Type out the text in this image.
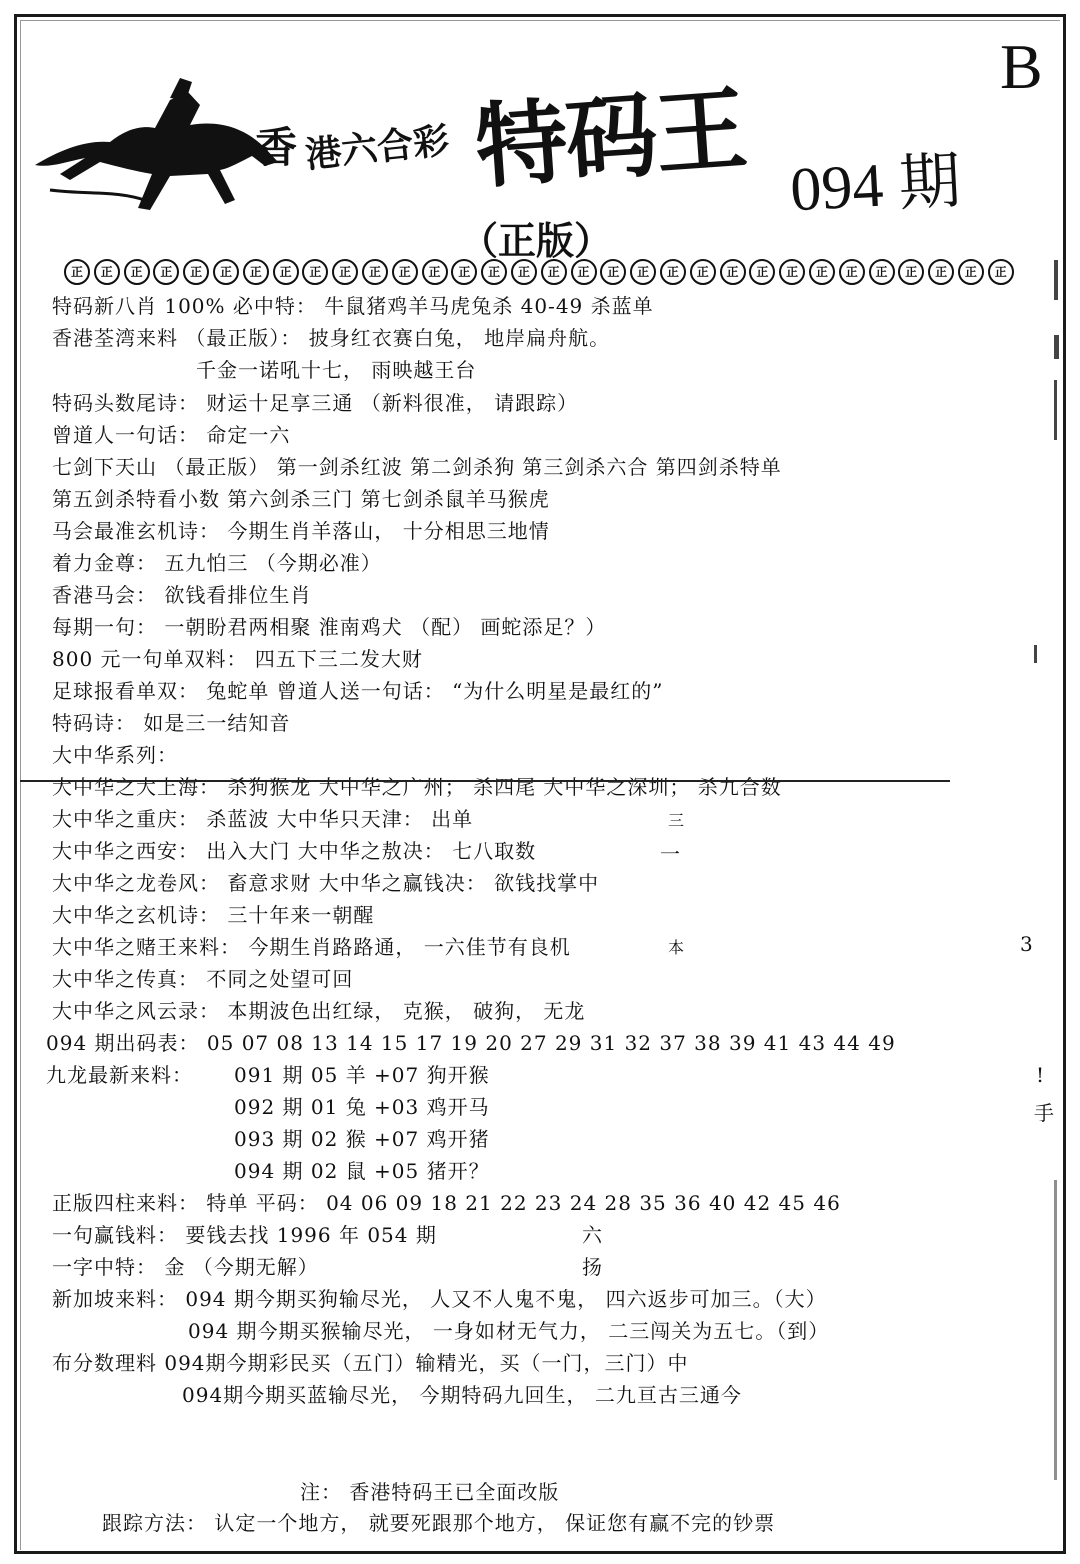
B
香 港六合彩 特码王 094 期
（正版）
正	正	正	正	正	正	正	正	正	正	正	正	正	正	正	正	正	正	正	正	正	正	正	正	正	正	正	正	正	正	正	正
特码新八肖 100% 必中特： 牛鼠猪鸡羊马虎兔杀 40-49 杀蓝单
香港荃湾来料 （最正版）： 披身红衣赛白兔， 地岸扁舟航。
千金一诺吼十七， 雨映越王台
特码头数尾诗： 财运十足享三通 （新料很准， 请跟踪）
曾道人一句话： 命定一六
七剑下天山 （最正版） 第一剑杀红波 第二剑杀狗 第三剑杀六合 第四剑杀特单
第五剑杀特看小数 第六剑杀三门 第七剑杀鼠羊马猴虎
马会最准玄机诗： 今期生肖羊落山， 十分相思三地情
着力金尊： 五九怕三 （今期必准）
香港马会： 欲钱看排位生肖
每期一句： 一朝盼君两相聚 淮南鸡犬 （配） 画蛇添足？）
800 元一句单双料： 四五下三二发大财
足球报看单双： 兔蛇单 曾道人送一句话： “为什么明星是最红的”
特码诗： 如是三一结知音
大中华系列：
大中华之大上海： 杀狗猴龙 大中华之广州； 杀四尾 大中华之深圳； 杀九合数
大中华之重庆： 杀蓝波 大中华只天津： 出单
大中华之西安： 出入大门 大中华之敖决： 七八取数
大中华之龙卷风： 畜意求财 大中华之赢钱决： 欲钱找掌中
大中华之玄机诗： 三十年来一朝醒
大中华之赌王来料： 今期生肖路路通， 一六佳节有良机
大中华之传真： 不同之处望可回
大中华之风云录： 本期波色出红绿， 克猴， 破狗， 无龙
094 期出码表： 05 07 08 13 14 15 17 19 20 27 29 31 32 37 38 39 41 43 44 49
九龙最新来料： 091 期 05 羊 +07 狗开猴
092 期 01 兔 +03 鸡开马
093 期 02 猴 +07 鸡开猪
094 期 02 鼠 +05 猪开？
正版四柱来料： 特单 平码： 04 06 09 18 21 22 23 24 28 35 36 40 42 45 46
一句赢钱料： 要钱去找 1996 年 054 期
一字中特： 金 （今期无解）
新加坡来料： 094 期今期买狗输尽光， 人又不人鬼不鬼， 四六返步可加三。（大）
094 期今期买猴输尽光， 一身如材无气力， 二三闯关为五七。（到）
布分数理料 094期今期彩民买（五门）输精光，买（一门，三门）中
094期今期买蓝输尽光， 今期特码九回生， 二九亘古三通今
六
扬
三
一
本	3
!
手
注： 香港特码王已全面改版
跟踪方法： 认定一个地方， 就要死跟那个地方， 保证您有赢不完的钞票
